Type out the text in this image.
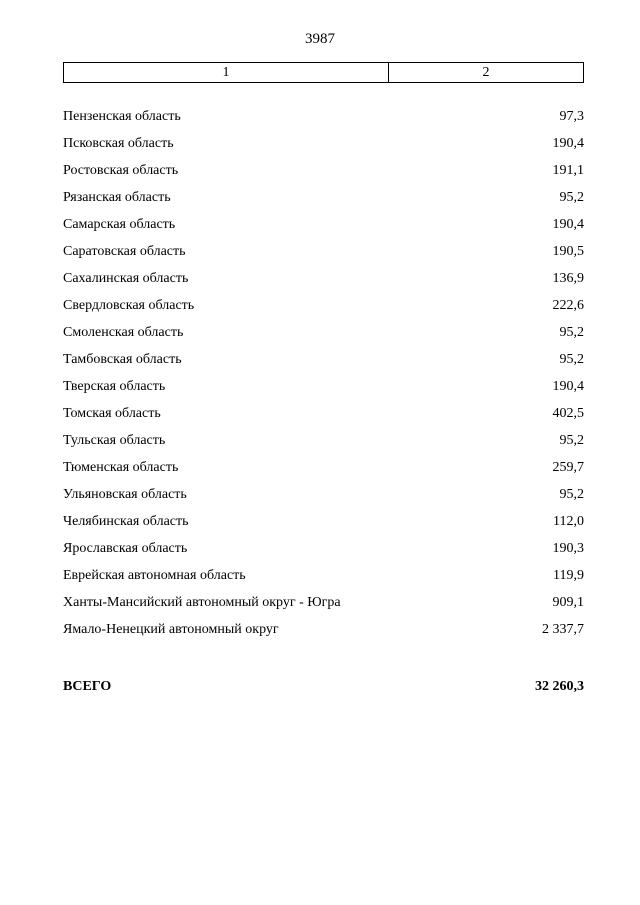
3987
1	2
Пензенская область	97,3
Псковская область	190,4
Ростовская область	191,1
Рязанская область	95,2
Самарская область	190,4
Саратовская область	190,5
Сахалинская область	136,9
Свердловская область	222,6
Смоленская область	95,2
Тамбовская область	95,2
Тверская область	190,4
Томская область	402,5
Тульская область	95,2
Тюменская область	259,7
Ульяновская область	95,2
Челябинская область	112,0
Ярославская область	190,3
Еврейская автономная область	119,9
Ханты-Мансийский автономный округ - Югра	909,1
Ямало-Ненецкий автономный округ	2 337,7
ВСЕГО	32 260,3
